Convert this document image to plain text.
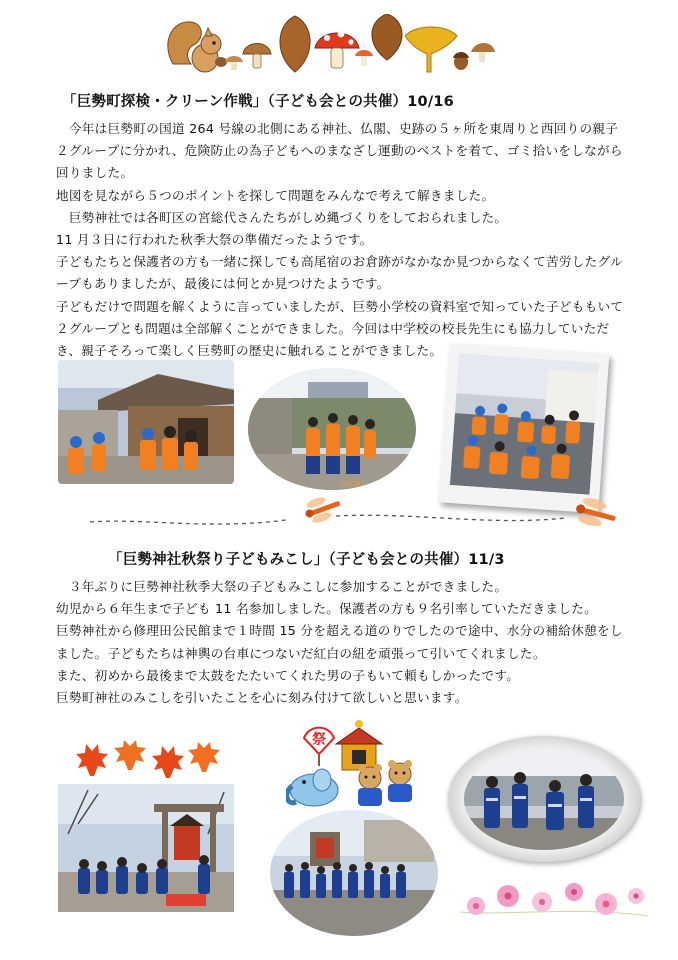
「巨勢町探検・クリーン作戦」（子ども会との共催）10/16

　今年は巨勢町の国道 264 号線の北側にある神社、仏閣、史跡の５ヶ所を東周りと西回りの親子２グループに分かれ、危険防止の為子どもへのまなざし運動のベストを着て、ゴミ拾いをしながら回りました。

地図を見ながら５つのポイントを探して問題をみんなで考えて解きました。

　巨勢神社では各町区の宮総代さんたちがしめ縄づくりをしておられました。

11 月３日に行われた秋季大祭の準備だったようです。

子どもたちと保護者の方も一緒に探しても高尾宿のお倉跡がなかなか見つからなくて苦労したグループもありましたが、最後には何とか見つけたようです。

子どもだけで問題を解くように言っていましたが、巨勢小学校の資料室で知っていた子どももいて２グループとも問題は全部解くことができました。今回は中学校の校長先生にも協力していただき、親子そろって楽しく巨勢町の歴史に触れることができました。

2022/1
「巨勢神社秋祭り子どもみこし」（子ども会との共催）11/3

　３年ぶりに巨勢神社秋季大祭の子どもみこしに参加することができました。

幼児から６年生まで子ども 11 名参加しました。保護者の方も９名引率していただきました。

巨勢神社から修理田公民館まで１時間 15 分を超える道のりでしたので途中、水分の補給休憩をしました。子どもたちは神輿の台車につないだ紅白の紐を頑張って引いてくれました。

また、初めから最後まで太鼓をたたいてくれた男の子もいて頼もしかったです。

巨勢町神社のみこしを引いたことを心に刻み付けて欲しいと思います。

祭
